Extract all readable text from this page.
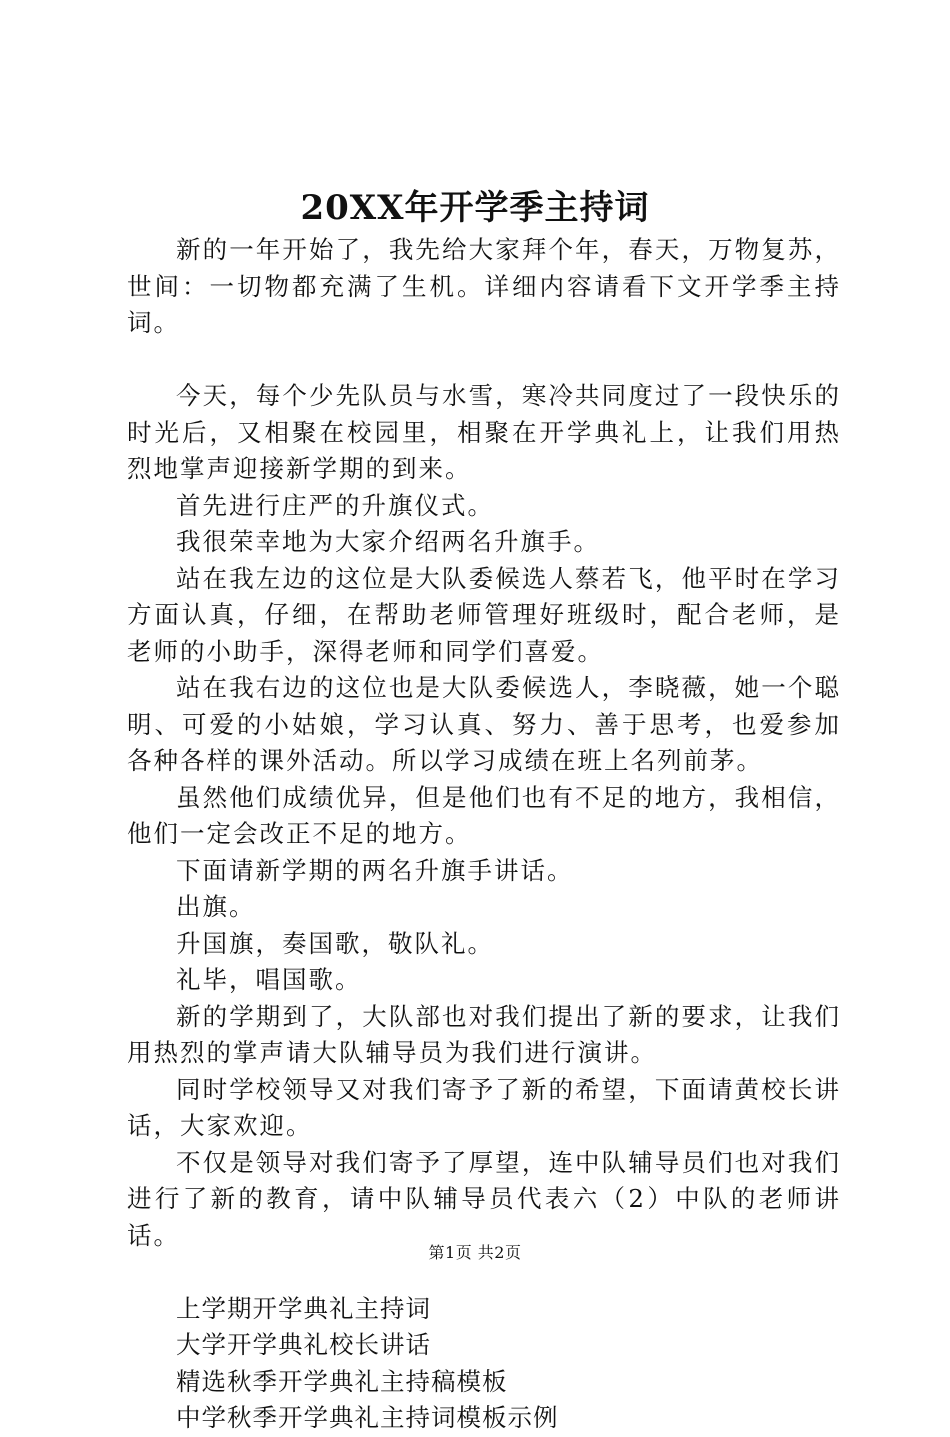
20XX年开学季主持词

新的一年开始了，我先给大家拜个年，春天，万物复苏，世间：一切物都充满了生机。详细内容请看下文开学季主持词。

今天，每个少先队员与水雪，寒冷共同度过了一段快乐的时光后，又相聚在校园里，相聚在开学典礼上，让我们用热烈地掌声迎接新学期的到来。

首先进行庄严的升旗仪式。

我很荣幸地为大家介绍两名升旗手。

站在我左边的这位是大队委候选人蔡若飞，他平时在学习方面认真，仔细，在帮助老师管理好班级时，配合老师，是老师的小助手，深得老师和同学们喜爱。

站在我右边的这位也是大队委候选人，李晓薇，她一个聪明、可爱的小姑娘，学习认真、努力、善于思考，也爱参加各种各样的课外活动。所以学习成绩在班上名列前茅。

虽然他们成绩优异，但是他们也有不足的地方，我相信，他们一定会改正不足的地方。

下面请新学期的两名升旗手讲话。

出旗。

升国旗，奏国歌，敬队礼。

礼毕，唱国歌。

新的学期到了，大队部也对我们提出了新的要求，让我们用热烈的掌声请大队辅导员为我们进行演讲。

同时学校领导又对我们寄予了新的希望，下面请黄校长讲话，大家欢迎。

不仅是领导对我们寄予了厚望，连中队辅导员们也对我们进行了新的教育，请中队辅导员代表六（2）中队的老师讲话。

上学期开学典礼主持词

大学开学典礼校长讲话

精选秋季开学典礼主持稿模板

中学秋季开学典礼主持词模板示例

第1页 共2页
